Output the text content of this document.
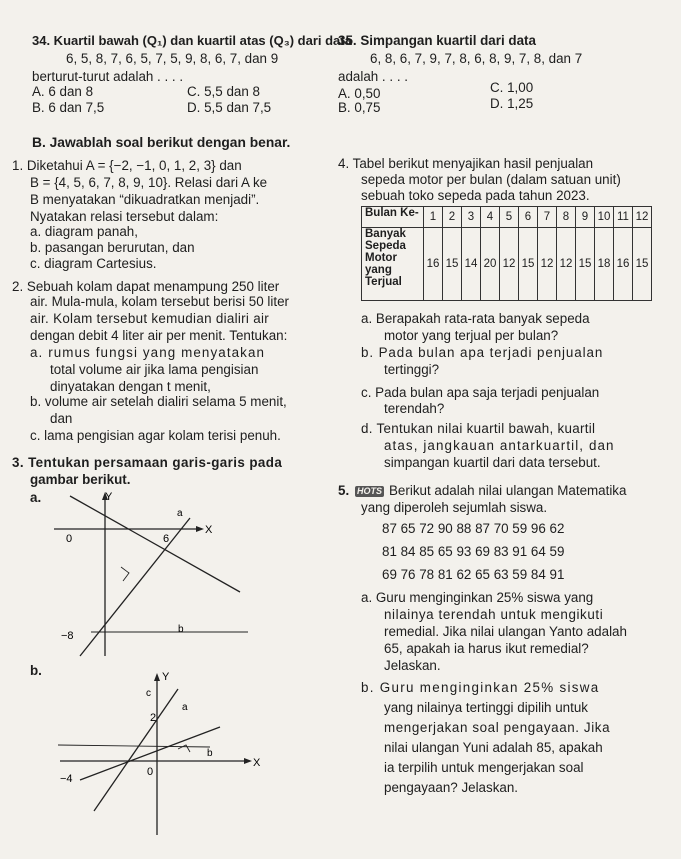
34. Kuartil bawah (Q₁) dan kuartil atas (Q₃) dari data
6, 5, 8, 7, 6, 5, 7, 5, 9, 8, 6, 7, dan 9
berturut-turut adalah . . . .
A. 6 dan 8
B. 6 dan 7,5
C. 5,5 dan 8
D. 5,5 dan 7,5
35. Simpangan kuartil dari data
6, 8, 6, 7, 9, 7, 8, 6, 8, 9, 7, 8, dan 7
adalah . . . .
A. 0,50
B. 0,75
C. 1,00
D. 1,25
B. Jawablah soal berikut dengan benar.
1. Diketahui A = {−2, −1, 0, 1, 2, 3} dan
B = {4, 5, 6, 7, 8, 9, 10}. Relasi dari A ke
B menyatakan “dikuadratkan menjadi”.
Nyatakan relasi tersebut dalam:
a. diagram panah,
b. pasangan berurutan, dan
c. diagram Cartesius.
2. Sebuah kolam dapat menampung 250 liter
air. Mula-mula, kolam tersebut berisi 50 liter
air. Kolam tersebut kemudian dialiri air
dengan debit 4 liter air per menit. Tentukan:
a. rumus fungsi yang menyatakan
total volume air jika lama pengisian
dinyatakan dengan t menit,
b. volume air setelah dialiri selama 5 menit,
dan
c. lama pengisian agar kolam terisi penuh.
3. Tentukan persamaan garis-garis pada
gambar berikut.
a.
b.
Y
X
0	6
a
b
−8
Y
X
0
c
2
a
b
−4
4. Tabel berikut menyajikan hasil penjualan
sepeda motor per bulan (dalam satuan unit)
sebuah toko sepeda pada tahun 2023.
Bulan Ke-	1	2	3	4	5	6	7	8	9	10	11	12
Banyak Sepeda Motor yang Terjual	16	15	14	20	12	15	12	12	15	18	16	15
a. Berapakah rata-rata banyak sepeda
motor yang terjual per bulan?
b. Pada bulan apa terjadi penjualan
tertinggi?
c. Pada bulan apa saja terjadi penjualan
terendah?
d. Tentukan nilai kuartil bawah, kuartil
atas, jangkauan antarkuartil, dan
simpangan kuartil dari data tersebut.
5. HOTS Berikut adalah nilai ulangan Matematika
yang diperoleh sejumlah siswa.
87 65 72 90 88 87 70 59 96 62
81 84 85 65 93 69 83 91 64 59
69 76 78 81 62 65 63 59 84 91
a. Guru menginginkan 25% siswa yang
nilainya terendah untuk mengikuti
remedial. Jika nilai ulangan Yanto adalah
65, apakah ia harus ikut remedial?
Jelaskan.
b. Guru menginginkan 25% siswa
yang nilainya tertinggi dipilih untuk
mengerjakan soal pengayaan. Jika
nilai ulangan Yuni adalah 85, apakah
ia terpilih untuk mengerjakan soal
pengayaan? Jelaskan.
